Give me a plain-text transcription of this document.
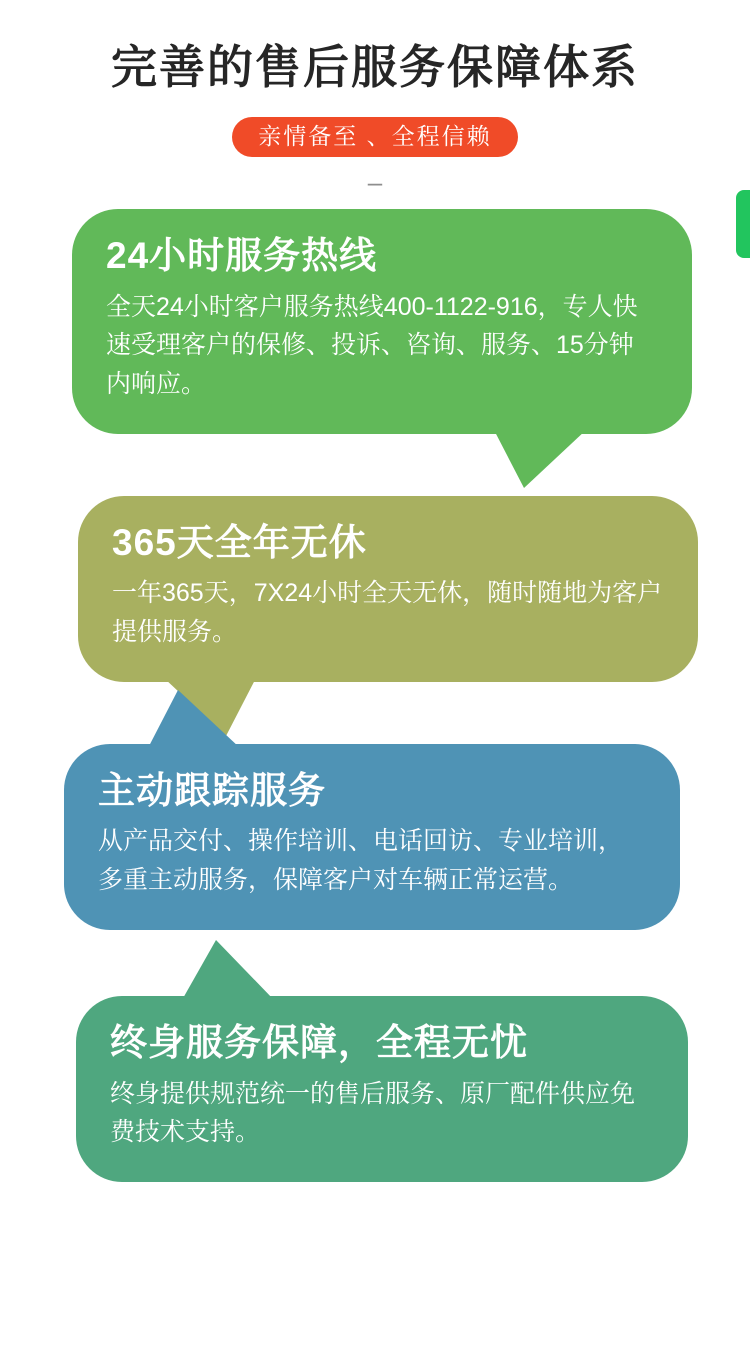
完善的售后服务保障体系
亲情备至 、全程信赖
–
24小时服务热线

全天24小时客户服务热线400-1122-916，专人快速受理客户的保修、投诉、咨询、服务、15分钟内响应。

365天全年无休

一年365天，7X24小时全天无休，随时随地为客户提供服务。

主动跟踪服务

从产品交付、操作培训、电话回访、专业培训，多重主动服务，保障客户对车辆正常运营。

终身服务保障，全程无忧

终身提供规范统一的售后服务、原厂配件供应免费技术支持。
